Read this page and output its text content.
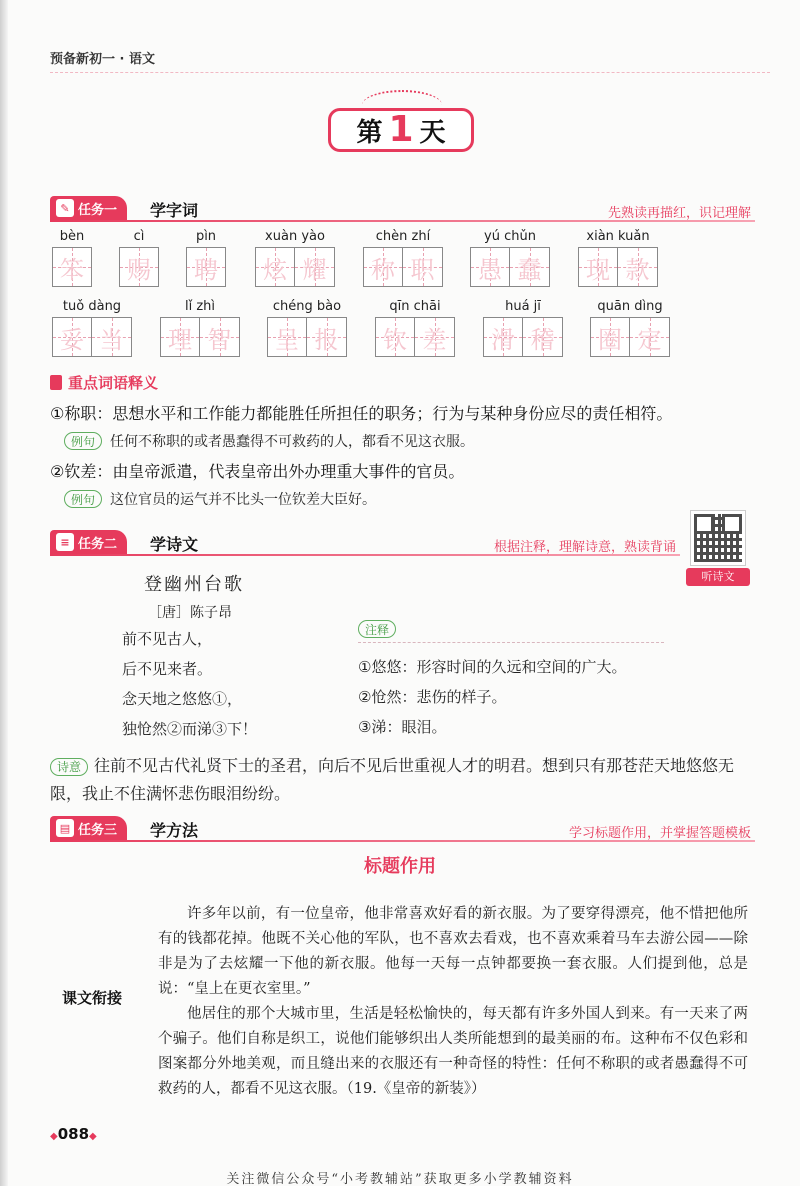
预备新初一 · 语文
第 1 天
✎ 任务一 学字词	先熟读再描红，识记理解
bèn
笨
cì
赐
pìn
聘
xuàn yào
炫 耀
chèn zhí
称 职
yú chǔn
愚 蠢
xiàn kuǎn
现 款
tuǒ dàng
妥 当
lǐ zhì
理 智
chéng bào
呈 报
qīn chāi
钦 差
huá jī
滑 稽
quān dìng
圈 定
重点词语释义
①称职：思想水平和工作能力都能胜任所担任的职务；行为与某种身份应尽的责任相符。
例句	任何不称职的或者愚蠢得不可救药的人，都看不见这衣服。
②钦差：由皇帝派遣，代表皇帝出外办理重大事件的官员。
例句	这位官员的运气并不比头一位钦差大臣好。
≡ 任务二 学诗文	根据注释，理解诗意，熟读背诵
听诗文
登幽州台歌
［唐］陈子昂
前不见古人，
后不见来者。
念天地之悠悠①，
独怆然②而涕③下！
注释
①悠悠：形容时间的久远和空间的广大。
②怆然：悲伤的样子。
③涕：眼泪。
诗意 往前不见古代礼贤下士的圣君，向后不见后世重视人才的明君。想到只有那苍茫天地悠悠无限，我止不住满怀悲伤眼泪纷纷。
▤ 任务三 学方法	学习标题作用，并掌握答题模板
标题作用
课文衔接

许多年以前，有一位皇帝，他非常喜欢好看的新衣服。为了要穿得漂亮，他不惜把他所有的钱都花掉。他既不关心他的军队，也不喜欢去看戏，也不喜欢乘着马车去游公园——除非是为了去炫耀一下他的新衣服。他每一天每一点钟都要换一套衣服。人们提到他，总是说：“皇上在更衣室里。”

他居住的那个大城市里，生活是轻松愉快的，每天都有许多外国人到来。有一天来了两个骗子。他们自称是织工，说他们能够织出人类所能想到的最美丽的布。这种布不仅色彩和图案都分外地美观，而且缝出来的衣服还有一种奇怪的特性：任何不称职的或者愚蠢得不可救药的人，都看不见这衣服。（19.《皇帝的新装》）

◆088◆
关注微信公众号“小考教辅站”获取更多小学教辅资料
